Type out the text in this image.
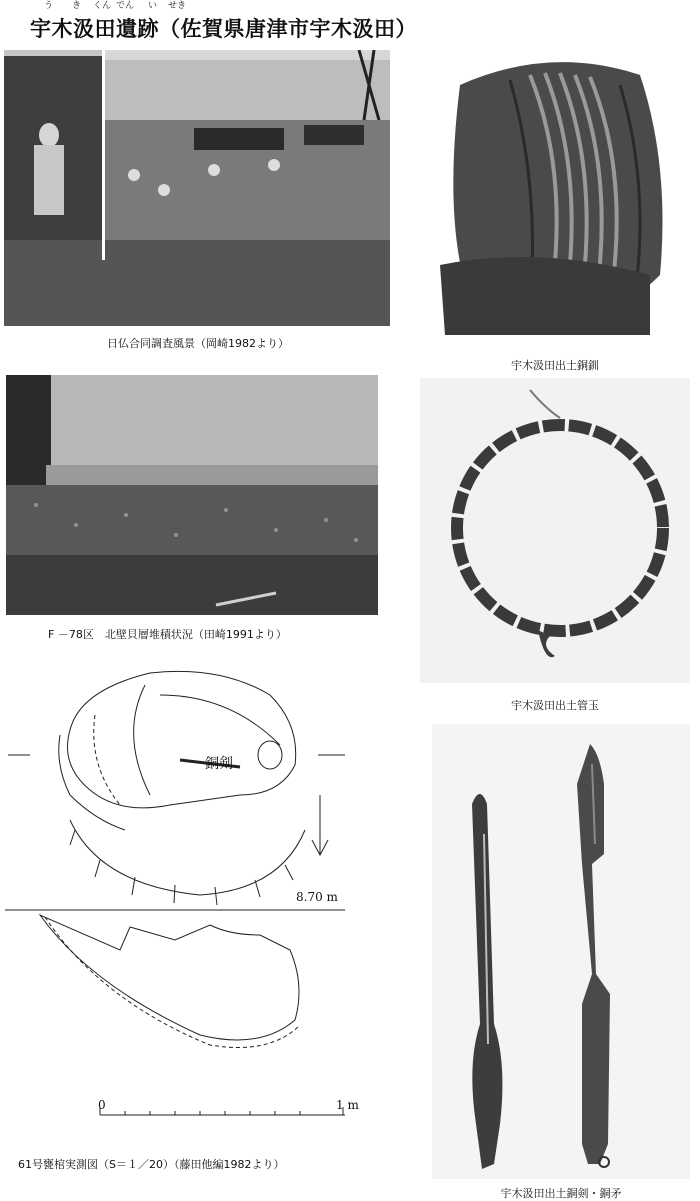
う き くん でん い せき
宇木汲田遺跡（佐賀県唐津市宇木汲田）
日仏合同調査風景（岡崎1982より）
宇木汲田出土銅釧
F －78区　北壁貝層堆積状況（田崎1991より）
宇木汲田出土管玉
銅剣
8.70 m
0	1 m
61号甕棺実測図（S＝１／20）（藤田他編1982より）
宇木汲田出土銅剣・銅矛
